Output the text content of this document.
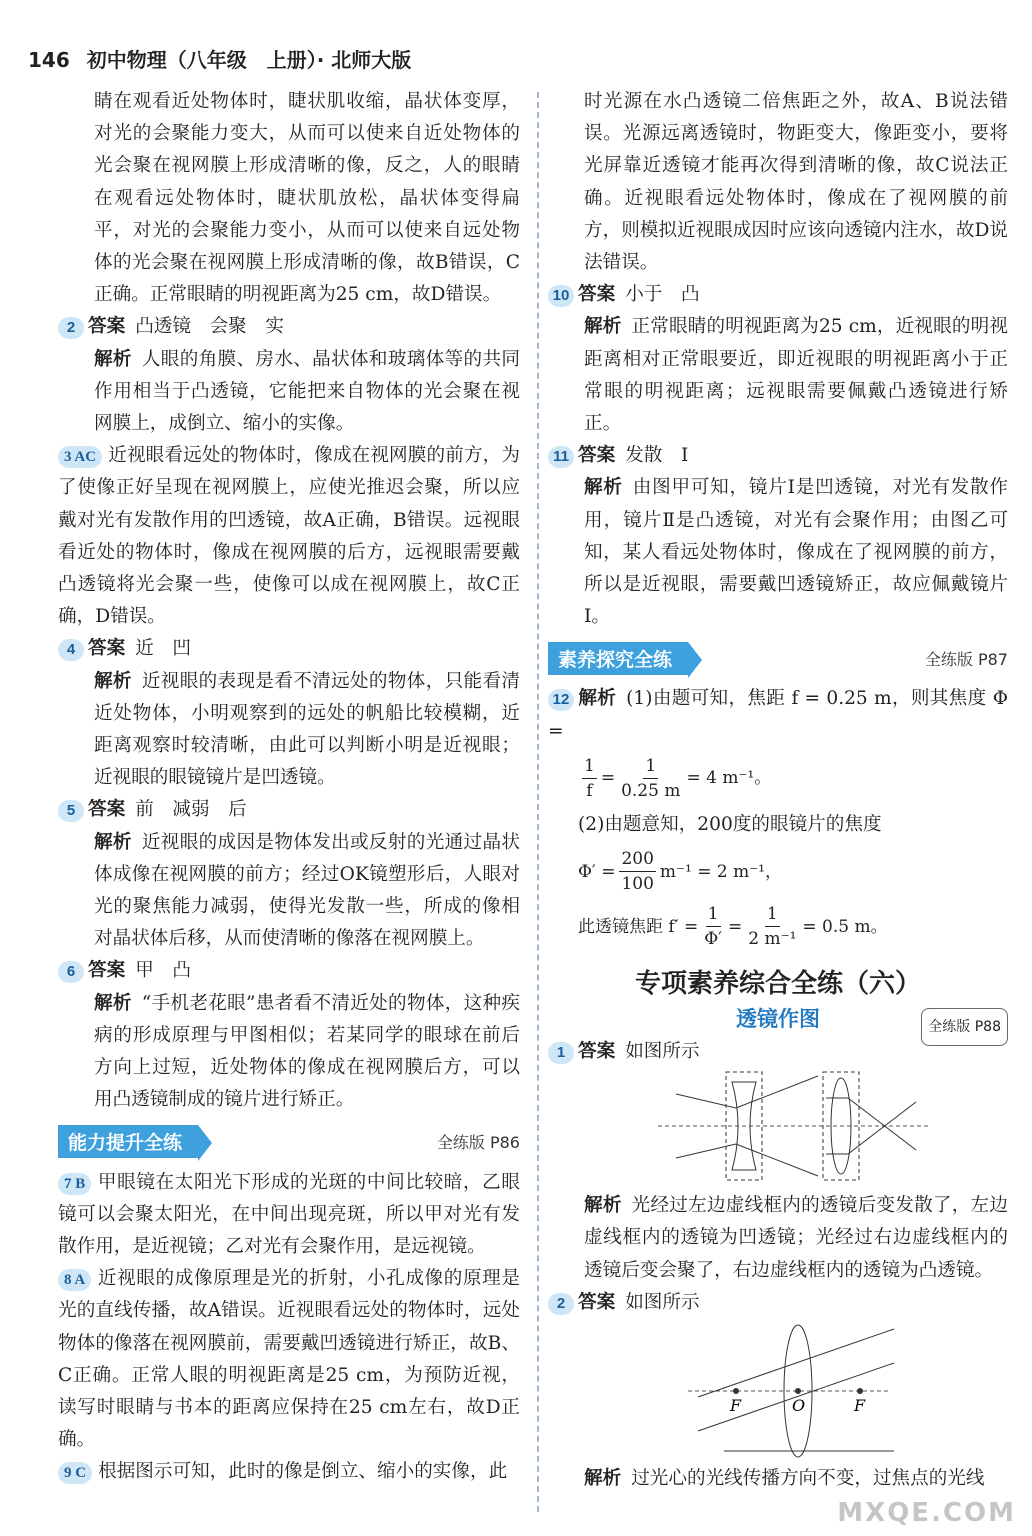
146 初中物理（八年级　上册）· 北师大版

睛在观看近处物体时，睫状肌收缩，晶状体变厚，对光的会聚能力变大，从而可以使来自近处物体的光会聚在视网膜上形成清晰的像，反之，人的眼睛在观看远处物体时，睫状肌放松，晶状体变得扁平，对光的会聚能力变小，从而可以使来自远处物体的光会聚在视网膜上形成清晰的像，故B错误，C正确。正常眼睛的明视距离为25 cm，故D错误。

2 答案 凸透镜　会聚　实

解析 人眼的角膜、房水、晶状体和玻璃体等的共同作用相当于凸透镜，它能把来自物体的光会聚在视网膜上，成倒立、缩小的实像。

3 AC 近视眼看远处的物体时，像成在视网膜的前方，为了使像正好呈现在视网膜上，应使光推迟会聚，所以应戴对光有发散作用的凹透镜，故A正确，B错误。远视眼看近处的物体时，像成在视网膜的后方，远视眼需要戴凸透镜将光会聚一些，使像可以成在视网膜上，故C正确，D错误。

4 答案 近　凹

解析 近视眼的表现是看不清远处的物体，只能看清近处物体，小明观察到的远处的帆船比较模糊，近距离观察时较清晰，由此可以判断小明是近视眼；近视眼的眼镜镜片是凹透镜。

5 答案 前　减弱　后

解析 近视眼的成因是物体发出或反射的光通过晶状体成像在视网膜的前方；经过OK镜塑形后，人眼对光的聚焦能力减弱，使得光发散一些，所成的像相对晶状体后移，从而使清晰的像落在视网膜上。

6 答案 甲　凸

解析 “手机老花眼”患者看不清近处的物体，这种疾病的形成原理与甲图相似；若某同学的眼球在前后方向上过短，近处物体的像成在视网膜后方，可以用凸透镜制成的镜片进行矫正。

能力提升全练	全练版 P86

7 B 甲眼镜在太阳光下形成的光斑的中间比较暗，乙眼镜可以会聚太阳光，在中间出现亮斑，所以甲对光有发散作用，是近视镜；乙对光有会聚作用，是远视镜。

8 A 近视眼的成像原理是光的折射，小孔成像的原理是光的直线传播，故A错误。近视眼看远处的物体时，远处物体的像落在视网膜前，需要戴凹透镜进行矫正，故B、C正确。正常人眼的明视距离是25 cm，为预防近视，读写时眼睛与书本的距离应保持在25 cm左右，故D正确。

9 C 根据图示可知，此时的像是倒立、缩小的实像，此

时光源在水凸透镜二倍焦距之外，故A、B说法错误。光源远离透镜时，物距变大，像距变小，要将光屏靠近透镜才能再次得到清晰的像，故C说法正确。近视眼看远处物体时，像成在了视网膜的前方，则模拟近视眼成因时应该向透镜内注水，故D说法错误。

10 答案 小于　凸

解析 正常眼睛的明视距离为25 cm，近视眼的明视距离相对正常眼要近，即近视眼的明视距离小于正常眼的明视距离；远视眼需要佩戴凸透镜进行矫正。

11 答案 发散　Ⅰ

解析 由图甲可知，镜片Ⅰ是凹透镜，对光有发散作用，镜片Ⅱ是凸透镜，对光有会聚作用；由图乙可知，某人看远处物体时，像成在了视网膜的前方，所以是近视眼，需要戴凹透镜矫正，故应佩戴镜片Ⅰ。

素养探究全练	全练版 P87

12 解析 (1)由题可知，焦距 f = 0.25 m，则其焦度 Φ =

$\frac{1}{f} = \frac{1}{0.25 m} = 4$ m⁻¹。

(2)由题意知，200度的眼镜片的焦度

$\Phi' = \frac{200}{100} m^{-1} = 2$ m⁻¹，
此透镜焦距 $f' = \frac{1}{\Phi'} = \frac{1}{\text{2 m⁻¹}} = 0.5$ m。
专项素养综合全练（六）
透镜作图	全练版 P88

1 答案 如图所示

解析 光经过左边虚线框内的透镜后变发散了，左边虚线框内的透镜为凹透镜；光经过右边虚线框内的透镜后变会聚了，右边虚线框内的透镜为凸透镜。

2 答案 如图所示

F	O	F

解析 过光心的光线传播方向不变，过焦点的光线

MXQE.COM
